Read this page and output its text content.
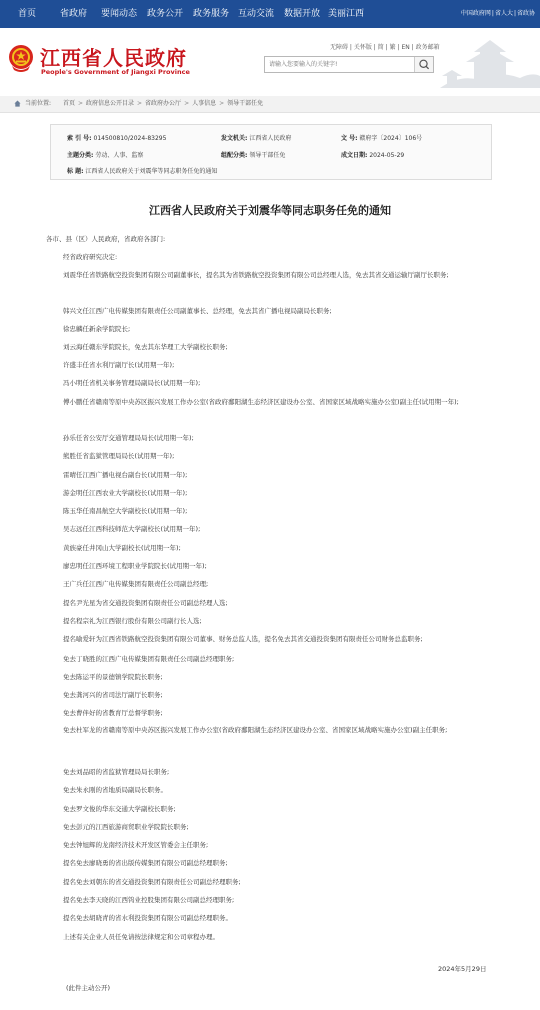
首页	省政府 要闻动态 政务公开 政务服务 互动交流 数据开放 美丽江西	中国政府网|省人大|省政协
江西省人民政府
People's Government of Jiangxi Province
无障碍 | 关怀版 | 简 | 繁 | EN | 政务邮箱
请输入您要输入的关键字!
当前位置: 首页 > 政府信息公开目录 > 省政府办公厅 > 人事信息 > 领导干部任免
索 引 号: 014500810/2024-83295	发文机关: 江西省人民政府	文 号: 赣府字〔2024〕106号
主题分类: 劳动、人事、监察	组配分类: 领导干部任免	成文日期: 2024-05-29
标 题: 江西省人民政府关于刘震华等同志职务任免的通知
江西省人民政府关于刘震华等同志职务任免的通知
各市、县（区）人民政府，省政府各部门:
经省政府研究决定:
刘震华任省铁路航空投资集团有限公司副董事长，提名其为省铁路航空投资集团有限公司总经理人选，免去其省交通运输厅副厅长职务;
韩兴文任江西广电传媒集团有限责任公司副董事长、总经理，免去其省广播电视局副局长职务;
徐忠麟任新余学院院长;
刘云海任赣东学院院长，免去其东华理工大学副校长职务;
许盛丰任省水利厅副厅长(试用期一年);
冯小明任省机关事务管理局副局长(试用期一年);
傅小鹏任省赣南等原中央苏区振兴发展工作办公室(省政府鄱阳湖生态经济区建设办公室、省国家区域战略实施办公室)副主任(试用期一年);
孙乐任省公安厅交通管理局局长(试用期一年);
熊胜任省监狱管理局局长(试用期一年);
雷晴任江西广播电视台副台长(试用期一年);
游金明任江西农业大学副校长(试用期一年);
陈玉华任南昌航空大学副校长(试用期一年);
吴志远任江西科技师范大学副校长(试用期一年);
黄族豪任井冈山大学副校长(试用期一年);
廖忠明任江西环境工程职业学院院长(试用期一年);
王广兵任江西广电传媒集团有限责任公司副总经理;
提名尹光星为省交通投资集团有限责任公司副总经理人选;
提名程宗礼为江西银行股份有限公司副行长人选;
提名喻爱轩为江西省铁路航空投资集团有限公司董事、财务总监人选，提名免去其省交通投资集团有限责任公司财务总监职务;
免去丁晓胜的江西广电传媒集团有限责任公司副总经理职务;
免去陈运平的景德镇学院院长职务;
免去龚河兴的省司法厅副厅长职务;
免去曹伴好的省教育厅总督学职务;
免去杜军龙的省赣南等原中央苏区振兴发展工作办公室(省政府鄱阳湖生态经济区建设办公室、省国家区域战略实施办公室)副主任职务;
免去刘品昭的省监狱管理局局长职务;
免去朱永刚的省地质局副局长职务。
免去罗文俊的华东交通大学副校长职务;
免去彭元的江西旅游商贸职业学院院长职务;
免去钟旭辉的龙南经济技术开发区管委会主任职务;
提名免去廖晓勇的省出版传媒集团有限公司副总经理职务;
提名免去刘朝东的省交通投资集团有限责任公司副总经理职务;
提名免去李天晓的江西钨业控股集团有限公司副总经理职务;
提名免去胡晓青的省水利投资集团有限公司副总经理职务。
上述有关企业人员任免请按法律规定和公司章程办理。
2024年5月29日
(此件主动公开)
